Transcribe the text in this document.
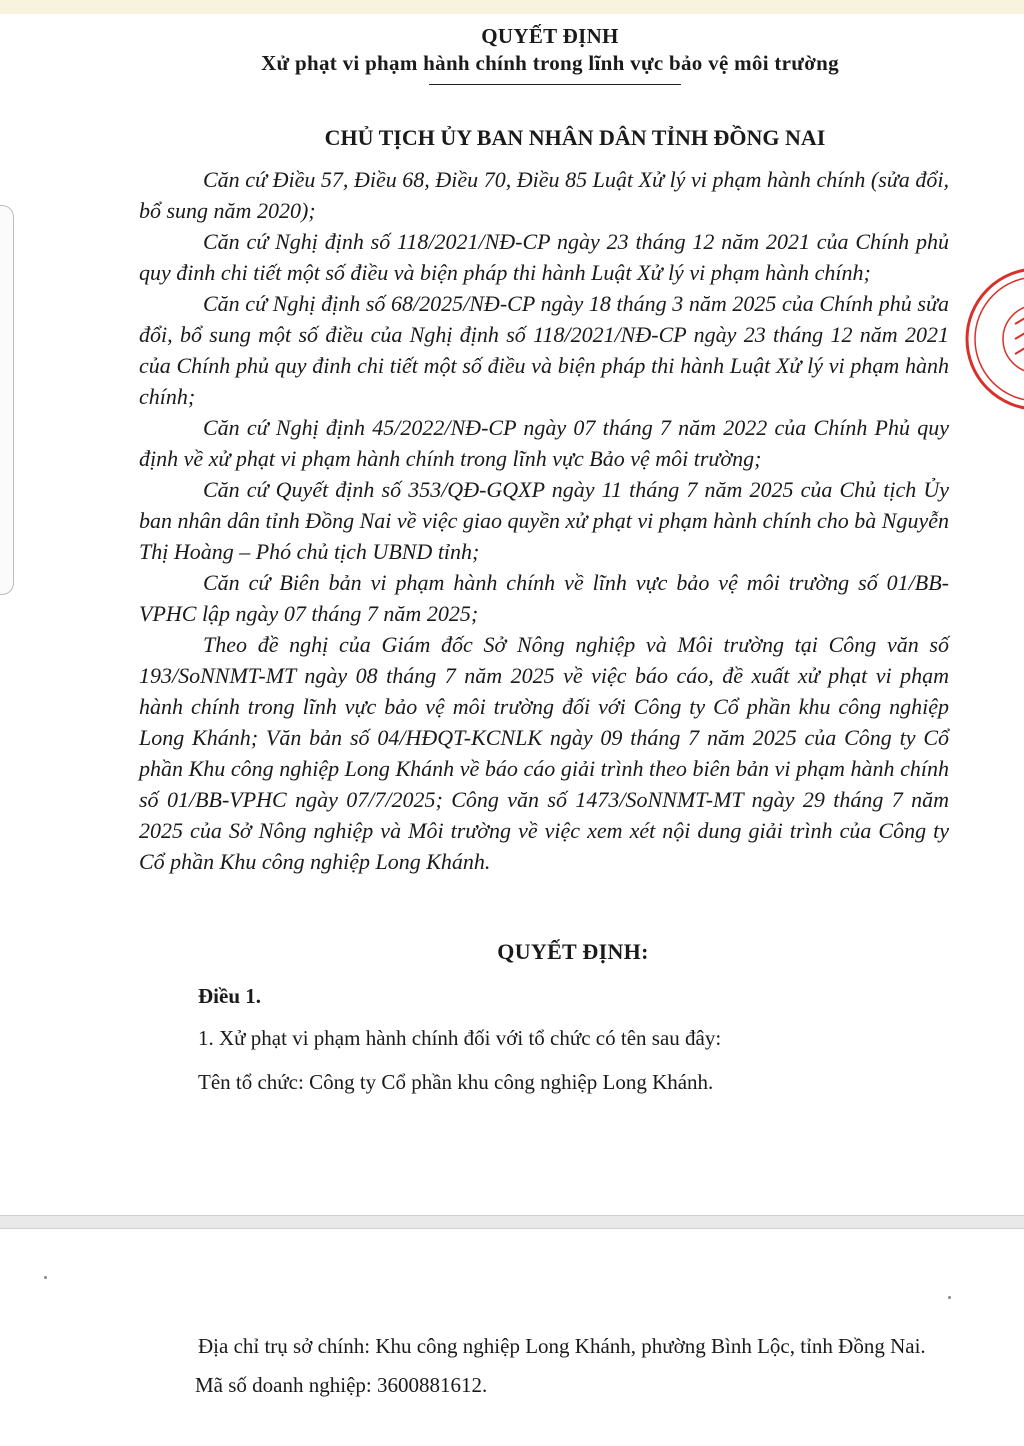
QUYẾT ĐỊNH
Xử phạt vi phạm hành chính trong lĩnh vực bảo vệ môi trường
CHỦ TỊCH ỦY BAN NHÂN DÂN TỈNH ĐỒNG NAI

Căn cứ Điều 57, Điều 68, Điều 70, Điều 85 Luật Xử lý vi phạm hành chính (sửa đổi, bổ sung năm 2020);

Căn cứ Nghị định số 118/2021/NĐ-CP ngày 23 tháng 12 năm 2021 của Chính phủ quy đinh chi tiết một số điều và biện pháp thi hành Luật Xử lý vi phạm hành chính;

Căn cứ Nghị định số 68/2025/NĐ-CP ngày 18 tháng 3 năm 2025 của Chính phủ sửa đổi, bổ sung một số điều của Nghị định số 118/2021/NĐ-CP ngày 23 tháng 12 năm 2021 của Chính phủ quy đinh chi tiết một số điều và biện pháp thi hành Luật Xử lý vi phạm hành chính;

Căn cứ Nghị định 45/2022/NĐ-CP ngày 07 tháng 7 năm 2022 của Chính Phủ quy định về xử phạt vi phạm hành chính trong lĩnh vực Bảo vệ môi trường;

Căn cứ Quyết định số 353/QĐ-GQXP ngày 11 tháng 7 năm 2025 của Chủ tịch Ủy ban nhân dân tỉnh Đồng Nai về việc giao quyền xử phạt vi phạm hành chính cho bà Nguyễn Thị Hoàng – Phó chủ tịch UBND tỉnh;

Căn cứ Biên bản vi phạm hành chính về lĩnh vực bảo vệ môi trường số 01/BB-VPHC lập ngày 07 tháng 7 năm 2025;

Theo đề nghị của Giám đốc Sở Nông nghiệp và Môi trường tại Công văn số 193/SoNNMT-MT ngày 08 tháng 7 năm 2025 về việc báo cáo, đề xuất xử phạt vi phạm hành chính trong lĩnh vực bảo vệ môi trường đối với Công ty Cổ phần khu công nghiệp Long Khánh; Văn bản số 04/HĐQT-KCNLK ngày 09 tháng 7 năm 2025 của Công ty Cổ phần Khu công nghiệp Long Khánh về báo cáo giải trình theo biên bản vi phạm hành chính số 01/BB-VPHC ngày 07/7/2025; Công văn số 1473/SoNNMT-MT ngày 29 tháng 7 năm 2025 của Sở Nông nghiệp và Môi trường về việc xem xét nội dung giải trình của Công ty Cổ phần Khu công nghiệp Long Khánh.

QUYẾT ĐỊNH:
Điều 1.
1. Xử phạt vi phạm hành chính đối với tổ chức có tên sau đây:
Tên tổ chức: Công ty Cổ phần khu công nghiệp Long Khánh.

Địa chỉ trụ sở chính: Khu công nghiệp Long Khánh, phường Bình Lộc, tỉnh Đồng Nai.

Mã số doanh nghiệp: 3600881612.
